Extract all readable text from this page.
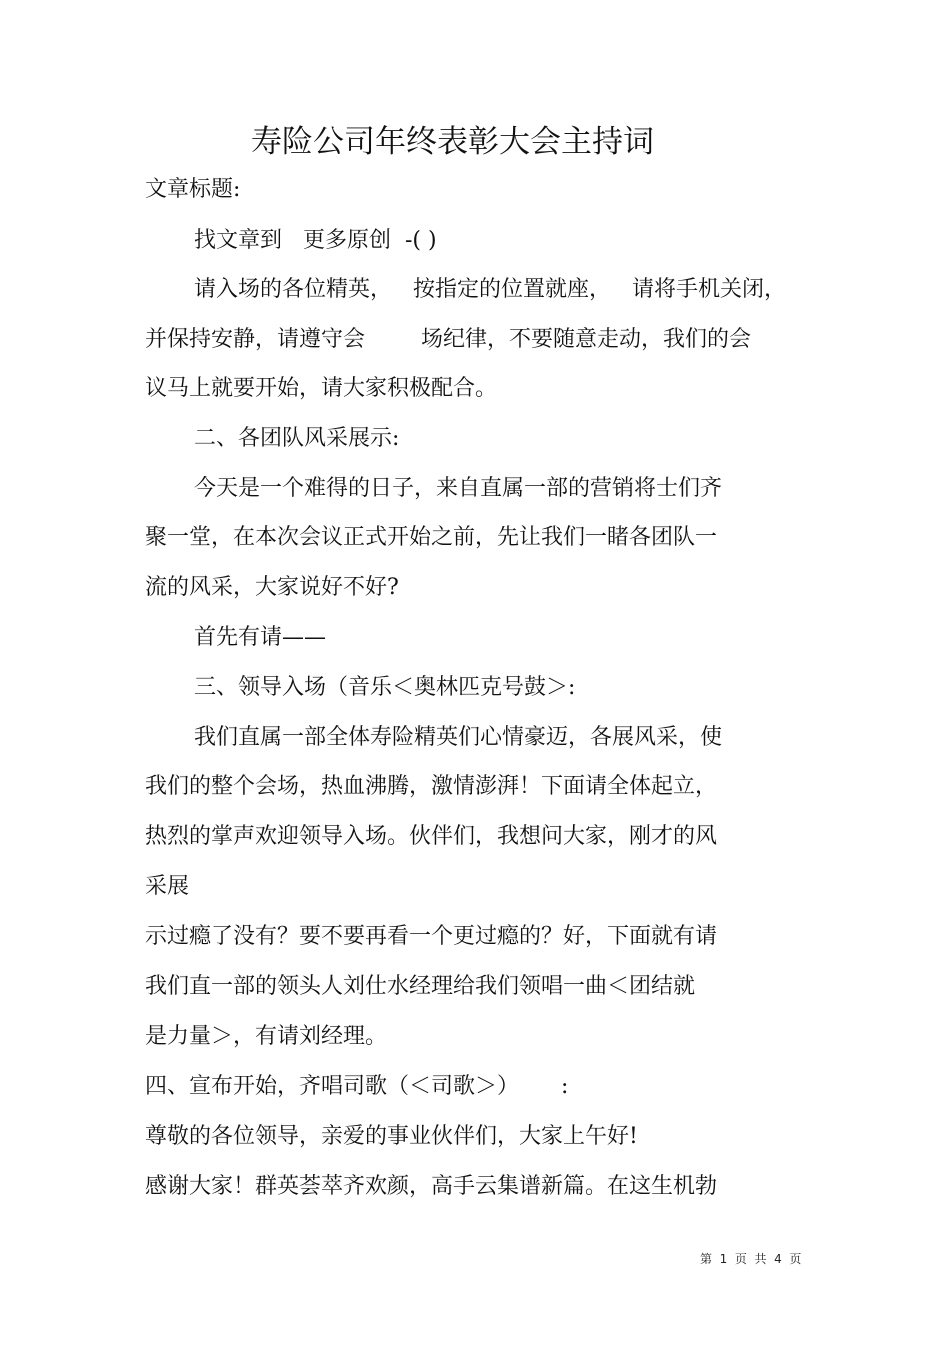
寿险公司年终表彰大会主持词

文章标题:

找文章到   更多原创  -( )

请入场的各位精英，   按指定的位置就座，   请将手机关闭，

并保持安静，请遵守会        场纪律，不要随意走动，我们的会

议马上就要开始，请大家积极配合。

二、各团队风采展示:

今天是一个难得的日子，来自直属一部的营销将士们齐

聚一堂，在本次会议正式开始之前，先让我们一睹各团队一

流的风采，大家说好不好?

首先有请——

三、领导入场（音乐＜奥林匹克号鼓＞:

我们直属一部全体寿险精英们心情豪迈，各展风采，使

我们的整个会场，热血沸腾，激情澎湃！下面请全体起立，

热烈的掌声欢迎领导入场。伙伴们，我想问大家，刚才的风

采展

示过瘾了没有？要不要再看一个更过瘾的？好，下面就有请

我们直一部的领头人刘仕水经理给我们领唱一曲＜团结就

是力量＞，有请刘经理。

四、宣布开始，齐唱司歌（＜司歌＞）      :

尊敬的各位领导，亲爱的事业伙伴们，大家上午好!

感谢大家！群英荟萃齐欢颜，高手云集谱新篇。在这生机勃

第  1  页  共  4  页
